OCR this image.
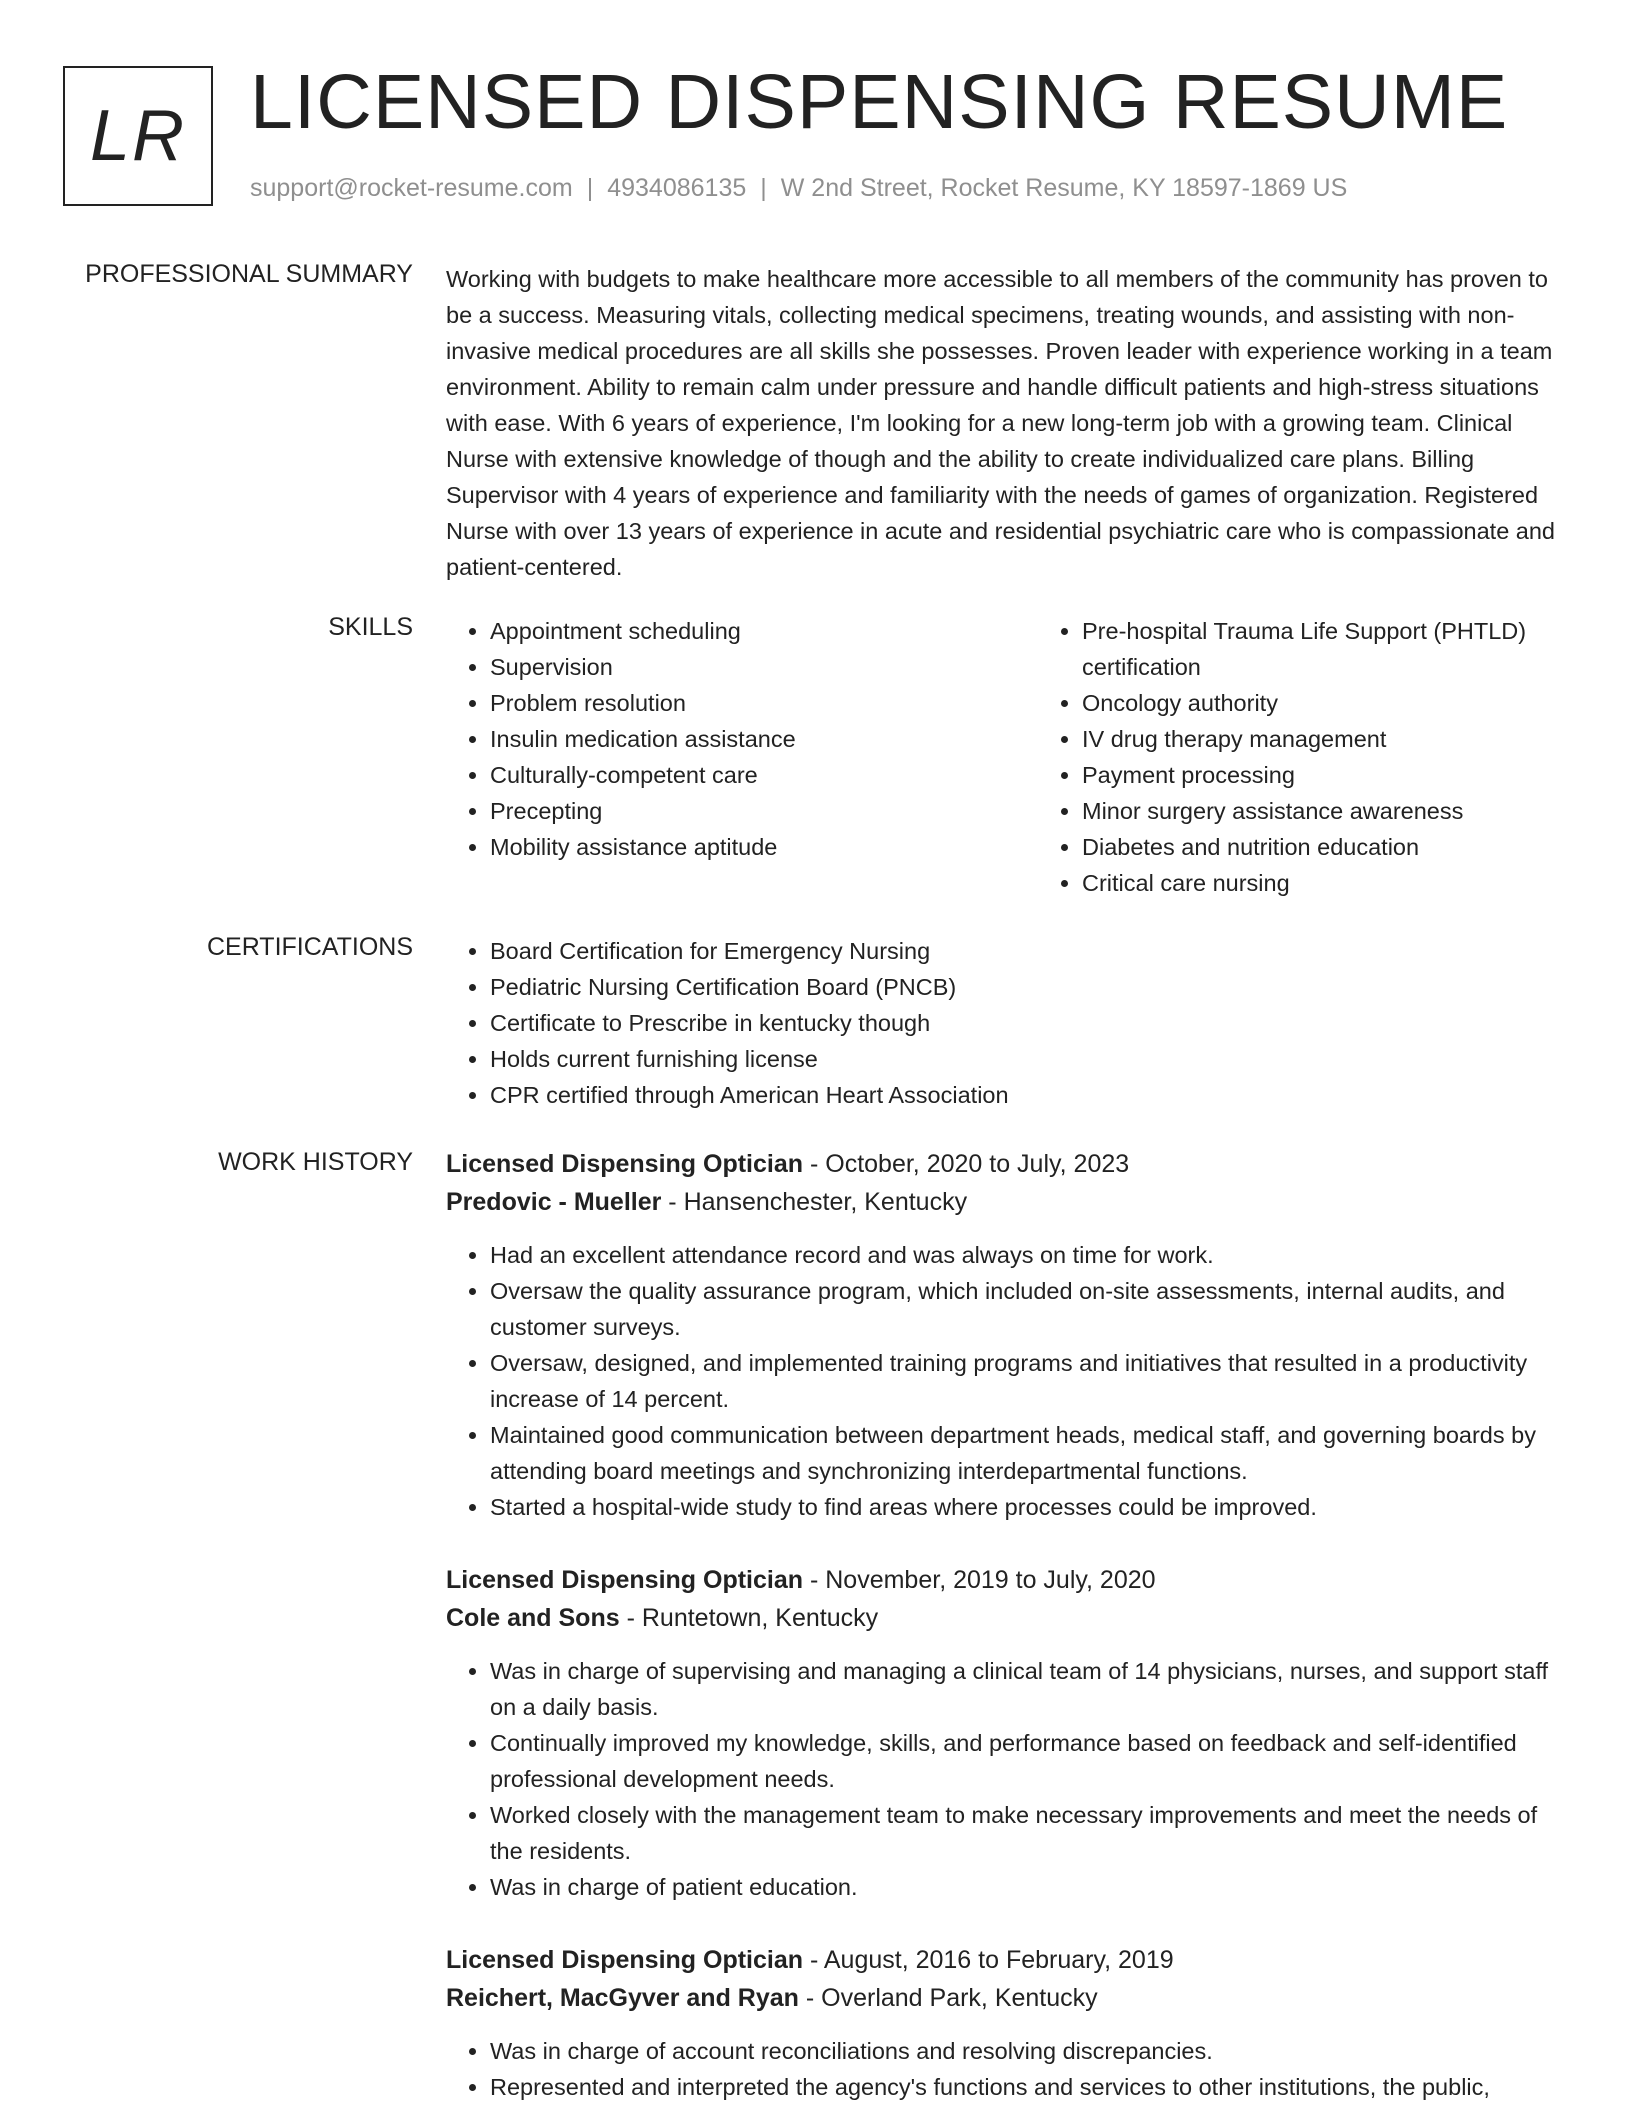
LR LICENSED DISPENSING RESUME
support@rocket-resume.com | 4934086135 | W 2nd Street, Rocket Resume, KY 18597-1869 US
PROFESSIONAL SUMMARY Working with budgets to make healthcare more accessible to all members of the community has proven to be a success. Measuring vitals, collecting medical specimens, treating wounds, and assisting with non-invasive medical procedures are all skills she possesses. Proven leader with experience working in a team environment. Ability to remain calm under pressure and handle difficult patients and high-stress situations with ease. With 6 years of experience, I'm looking for a new long-term job with a growing team. Clinical Nurse with extensive knowledge of though and the ability to create individualized care plans. Billing Supervisor with 4 years of experience and familiarity with the needs of games of organization. Registered Nurse with over 13 years of experience in acute and residential psychiatric care who is compassionate and patient-centered.

SKILLS	• Appointment scheduling
• Supervision
• Problem resolution
• Insulin medication assistance
• Culturally-competent care
• Precepting
• Mobility assistance aptitude
• Pre-hospital Trauma Life Support (PHTLD) certification
• Oncology authority
• IV drug therapy management
• Payment processing
• Minor surgery assistance awareness
• Diabetes and nutrition education
• Critical care nursing
CERTIFICATIONS	• Board Certification for Emergency Nursing
• Pediatric Nursing Certification Board (PNCB)
• Certificate to Prescribe in kentucky though
• Holds current furnishing license
• CPR certified through American Heart Association
WORK HISTORY Licensed Dispensing Optician - October, 2020 to July, 2023
Predovic - Mueller - Hansenchester, Kentucky
• Had an excellent attendance record and was always on time for work.
• Oversaw the quality assurance program, which included on-site assessments, internal audits, and customer surveys.
• Oversaw, designed, and implemented training programs and initiatives that resulted in a productivity increase of 14 percent.
• Maintained good communication between department heads, medical staff, and governing boards by attending board meetings and synchronizing interdepartmental functions.
• Started a hospital-wide study to find areas where processes could be improved.
Licensed Dispensing Optician - November, 2019 to July, 2020
Cole and Sons - Runtetown, Kentucky
• Was in charge of supervising and managing a clinical team of 14 physicians, nurses, and support staff on a daily basis.
• Continually improved my knowledge, skills, and performance based on feedback and self-identified professional development needs.
• Worked closely with the management team to make necessary improvements and meet the needs of the residents.
• Was in charge of patient education.
Licensed Dispensing Optician - August, 2016 to February, 2019
Reichert, MacGyver and Ryan - Overland Park, Kentucky
• Was in charge of account reconciliations and resolving discrepancies.
• Represented and interpreted the agency's functions and services to other institutions, the public,
